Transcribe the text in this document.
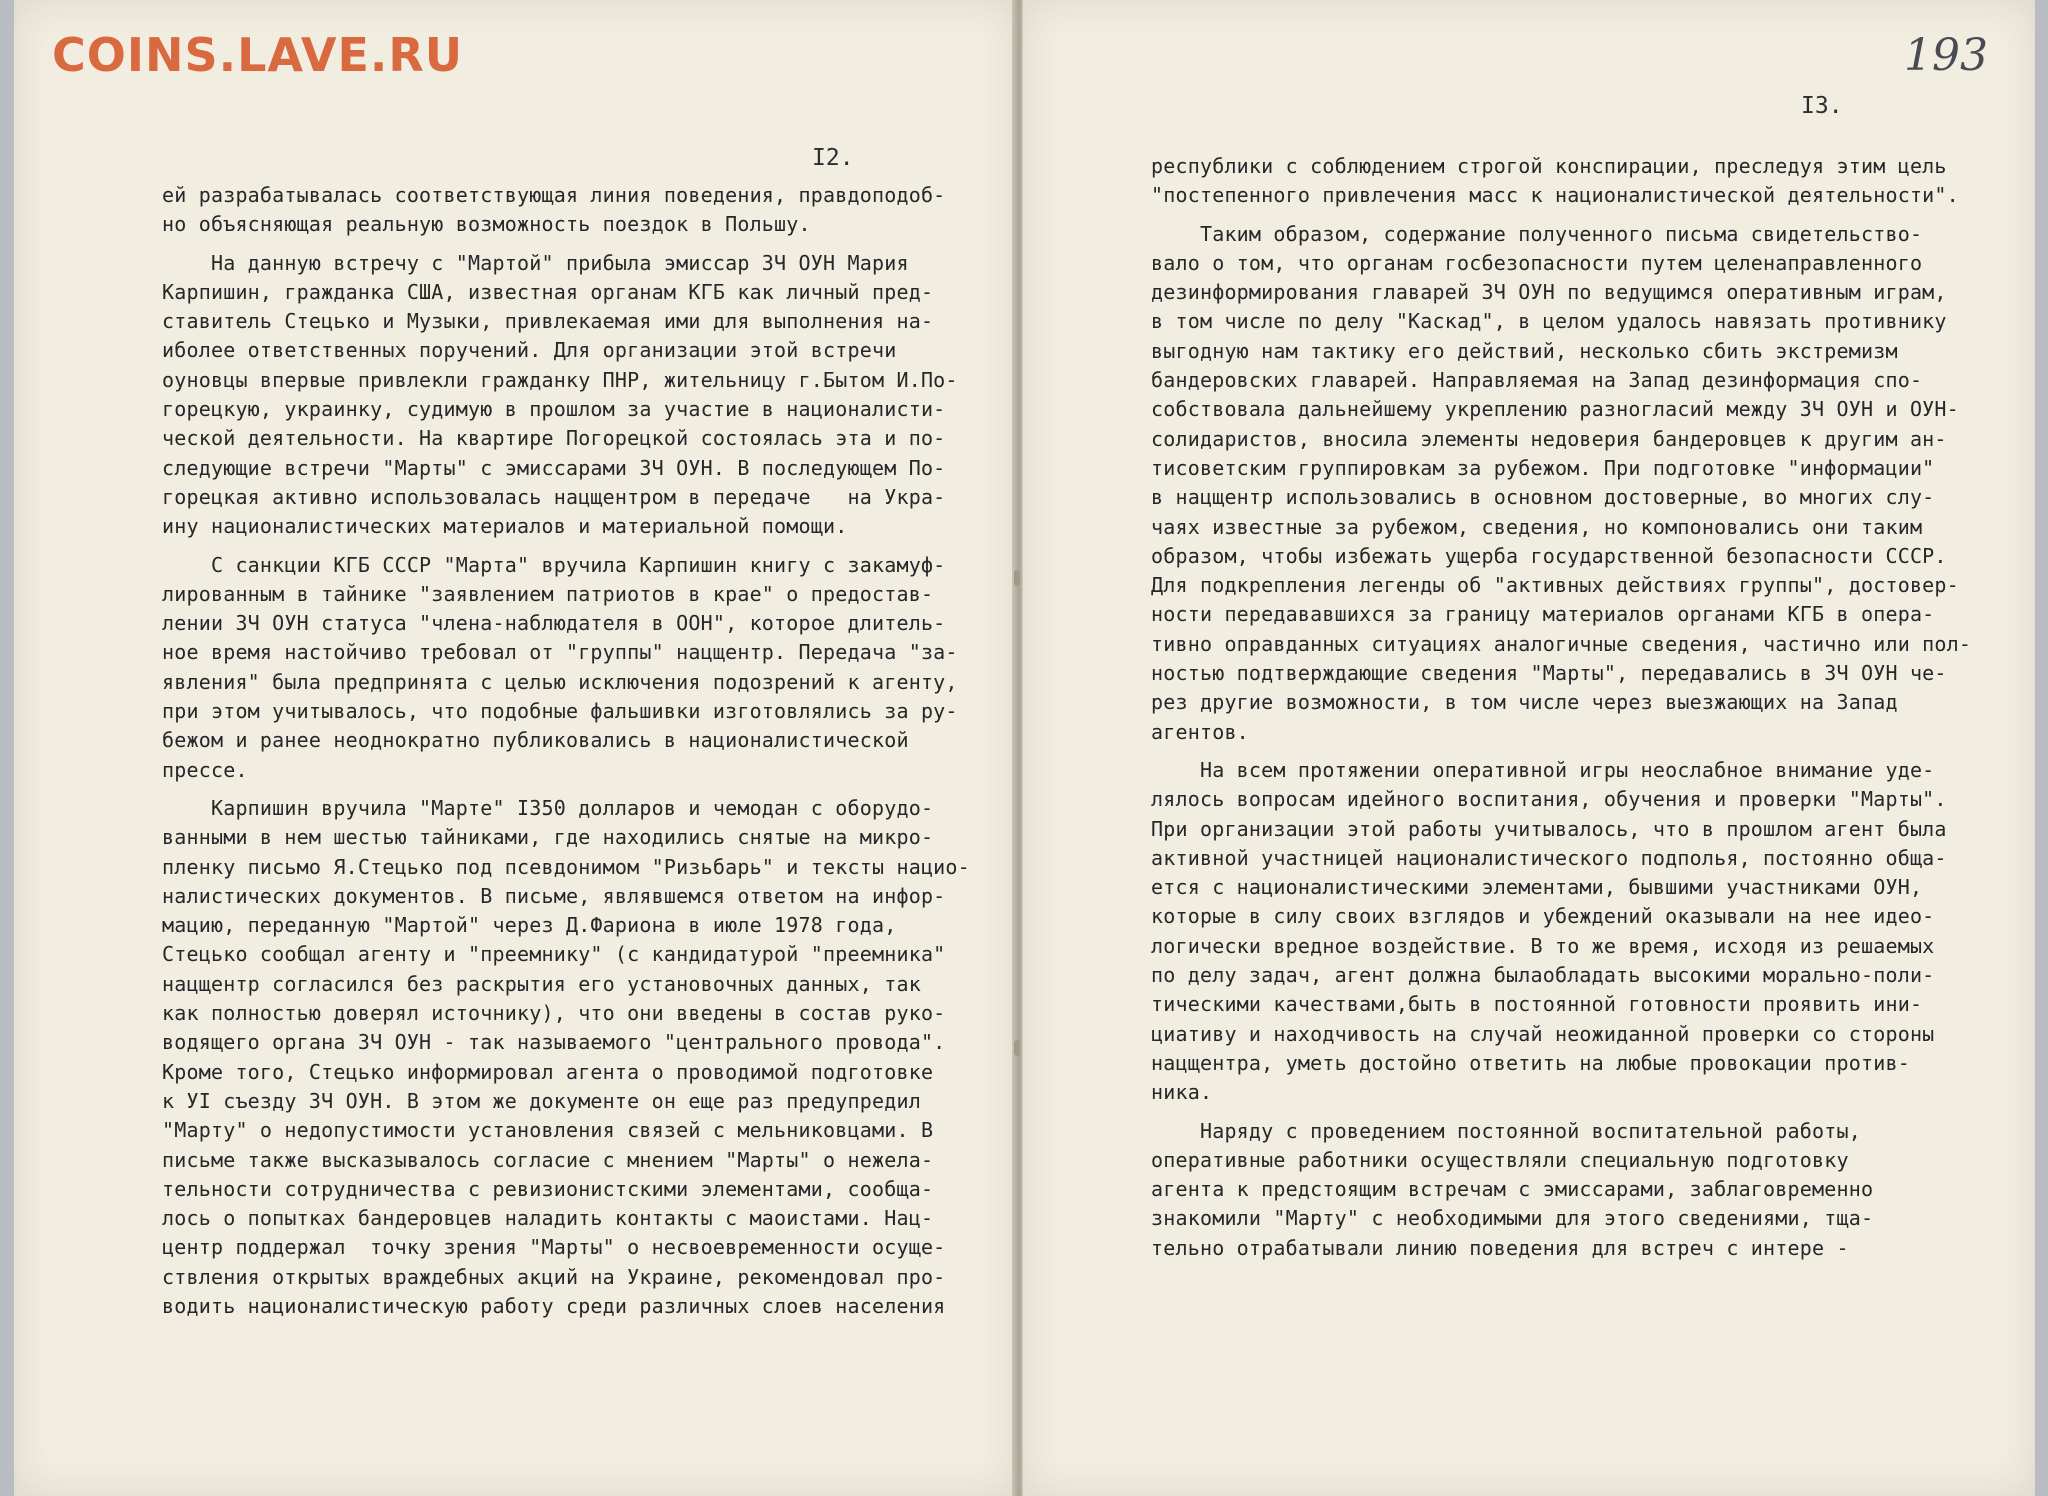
I2.
ей разрабатывалась соответствующая линия поведения, правдоподоб-
но объясняющая реальную возможность поездок в Польшу.
На данную встречу с "Мартой" прибыла эмиссар ЗЧ ОУН Мария
Карпишин, гражданка США, известная органам КГБ как личный пред-
ставитель Стецько и Музыки, привлекаемая ими для выполнения на-
иболее ответственных поручений. Для организации этой встречи
оуновцы впервые привлекли гражданку ПНР, жительницу г.Бытом И.По-
горецкую, украинку, судимую в прошлом за участие в националисти-
ческой деятельности. На квартире Погорецкой состоялась эта и по-
следующие встречи "Марты" с эмиссарами ЗЧ ОУН. В последующем По-
горецкая активно использовалась нацщентром в передаче   на Укра-
ину националистических материалов и материальной помощи.
С санкции КГБ СССР "Марта" вручила Карпишин книгу с закамуф-
лированным в тайнике "заявлением патриотов в крае" о предостав-
лении ЗЧ ОУН статуса "члена-наблюдателя в ООН", которое длитель-
ное время настойчиво требовал от "группы" нацщентр. Передача "за-
явления" была предпринята с целью исключения подозрений к агенту,
при этом учитывалось, что подобные фальшивки изготовлялись за ру-
бежом и ранее неоднократно публиковались в националистической
прессе.
Карпишин вручила "Марте" I350 долларов и чемодан с оборудо-
ванными в нем шестью тайниками, где находились снятые на микро-
пленку письмо Я.Стецько под псевдонимом "Ризьбарь" и тексты нацио-
налистических документов. В письме, являвшемся ответом на инфор-
мацию, переданную "Мартой" через Д.Фариона в июле 1978 года,
Стецько сообщал агенту и "преемнику" (с кандидатурой "преемника"
нацщентр согласился без раскрытия его установочных данных, так
как полностью доверял источнику), что они введены в состав руко-
водящего органа ЗЧ ОУН - так называемого "центрального провода".
Кроме того, Стецько информировал агента о проводимой подготовке
к УI съезду ЗЧ ОУН. В этом же документе он еще раз предупредил
"Марту" о недопустимости установления связей с мельниковцами. В
письме также высказывалось согласие с мнением "Марты" о нежела-
тельности сотрудничества с ревизионистскими элементами, сообща-
лось о попытках бандеровцев наладить контакты с маоистами. Нац-
центр поддержал  точку зрения "Марты" о несвоевременности осуще-
ствления открытых враждебных акций на Украине, рекомендовал про-
водить националистическую работу среди различных слоев населения
I3.
республики с соблюдением строгой конспирации, преследуя этим цель
"постепенного привлечения масс к националистической деятельности".
Таким образом, содержание полученного письма свидетельство-
вало о том, что органам госбезопасности путем целенаправленного
дезинформирования главарей ЗЧ ОУН по ведущимся оперативным играм,
в том числе по делу "Каскад", в целом удалось навязать противнику
выгодную нам тактику его действий, несколько сбить экстремизм
бандеровских главарей. Направляемая на Запад дезинформация спо-
собствовала дальнейшему укреплению разногласий между ЗЧ ОУН и ОУН-
солидаристов, вносила элементы недоверия бандеровцев к другим ан-
тисоветским группировкам за рубежом. При подготовке "информации"
в нацщентр использовались в основном достоверные, во многих слу-
чаях известные за рубежом, сведения, но компоновались они таким
образом, чтобы избежать ущерба государственной безопасности СССР.
Для подкрепления легенды об "активных действиях группы", достовер-
ности передававшихся за границу материалов органами КГБ в опера-
тивно оправданных ситуациях аналогичные сведения, частично или пол-
ностью подтверждающие сведения "Марты", передавались в ЗЧ ОУН че-
рез другие возможности, в том числе через выезжающих на Запад
агентов.
На всем протяжении оперативной игры неослабное внимание уде-
лялось вопросам идейного воспитания, обучения и проверки "Марты".
При организации этой работы учитывалось, что в прошлом агент была
активной участницей националистического подполья, постоянно обща-
ется с националистическими элементами, бывшими участниками ОУН,
которые в силу своих взглядов и убеждений оказывали на нее идео-
логически вредное воздействие. В то же время, исходя из решаемых
по делу задач, агент должна былаобладать высокими морально-поли-
тическими качествами,быть в постоянной готовности проявить ини-
циативу и находчивость на случай неожиданной проверки со стороны
нацщентра, уметь достойно ответить на любые провокации против-
ника.
Наряду с проведением постоянной воспитательной работы,
оперативные работники осуществляли специальную подготовку
агента к предстоящим встречам с эмиссарами, заблаговременно
знакомили "Марту" с необходимыми для этого сведениями, тща-
тельно отрабатывали линию поведения для встреч с интере -
COINS.LAVE.RU	193
